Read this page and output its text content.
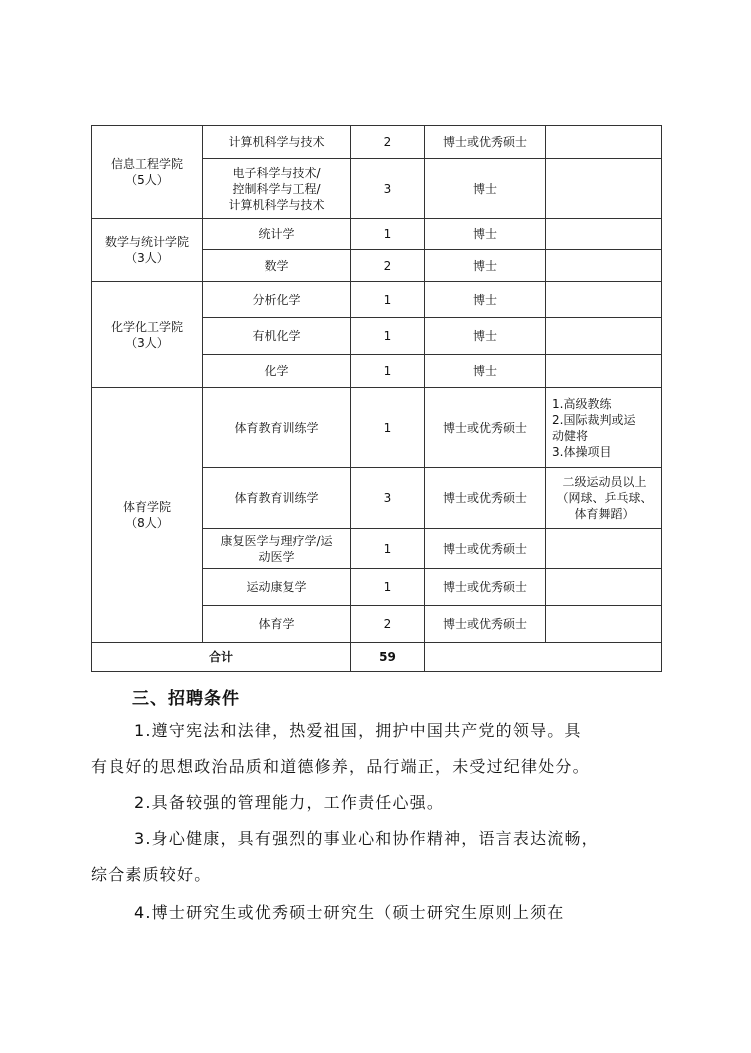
信息工程学院
（5人）	计算机科学与技术	2	博士或优秀硕士	

	电子科学与技术/
控制科学与工程/
计算机科学与技术	3	博士	

数学与统计学院
（3人）	统计学	1	博士	

	数学	2	博士	

化学化工学院
（3人）	分析化学	1	博士	

	有机化学	1	博士	

	化学	1	博士	

体育学院
（8人）	体育教育训练学	1	博士或优秀硕士	1.高级教练
2.国际裁判或运
动健将
3.体操项目

	体育教育训练学	3	博士或优秀硕士	二级运动员以上
（网球、乒乓球、
体育舞蹈）

	康复医学与理疗学/运
动医学	1	博士或优秀硕士	

	运动康复学	1	博士或优秀硕士	

	体育学	2	博士或优秀硕士	
合计		59		
三、招聘条件

1.遵守宪法和法律，热爱祖国，拥护中国共产党的领导。具
有良好的思想政治品质和道德修养，品行端正，未受过纪律处分。

2.具备较强的管理能力，工作责任心强。

3.身心健康，具有强烈的事业心和协作精神，语言表达流畅，
综合素质较好。

4.博士研究生或优秀硕士研究生（硕士研究生原则上须在
